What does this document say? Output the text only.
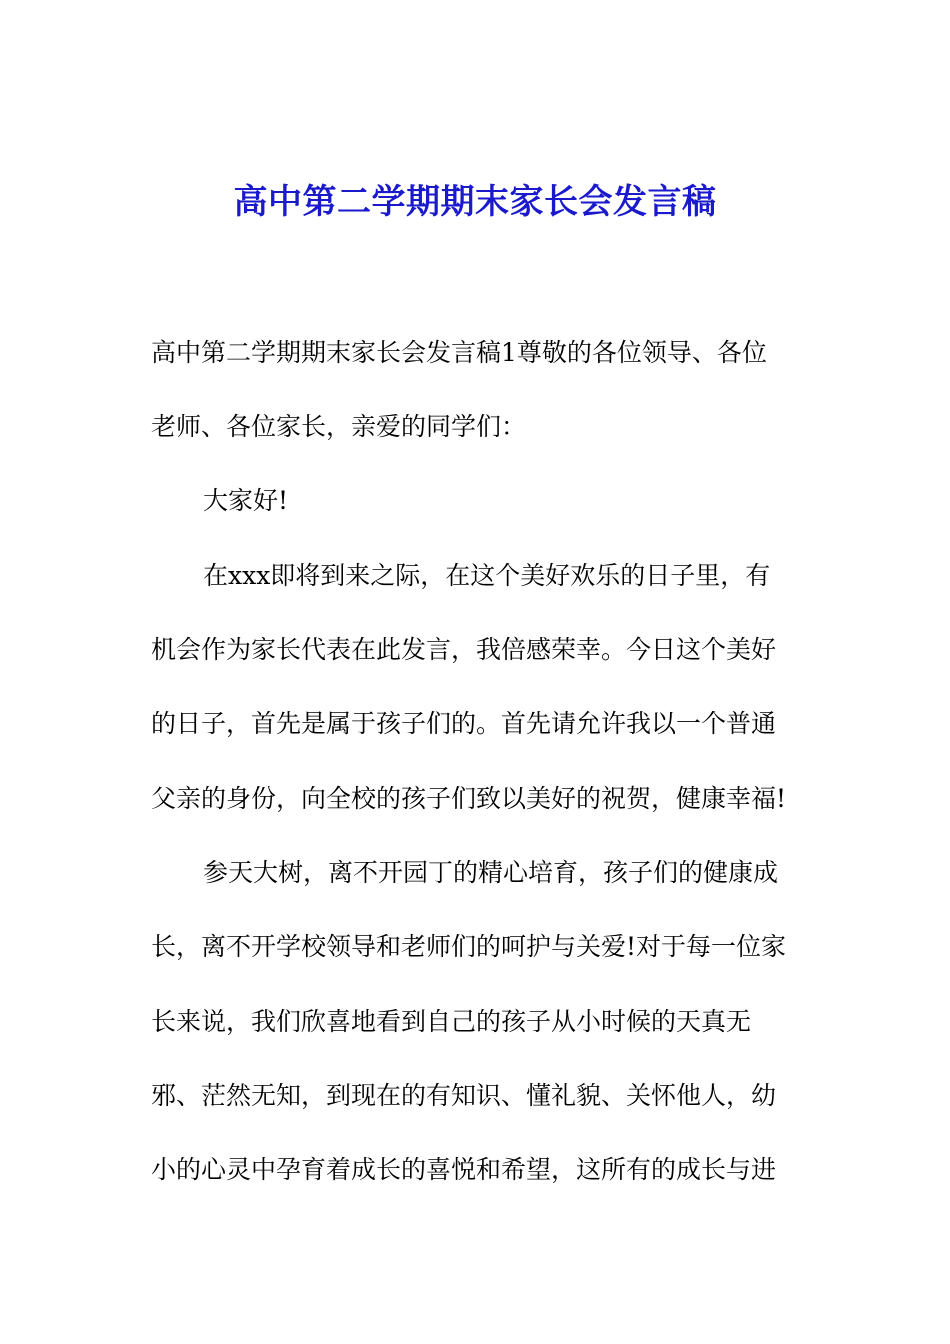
高中第二学期期末家长会发言稿
高中第二学期期末家长会发言稿1尊敬的各位领导、各位
老师、各位家长，亲爱的同学们：
大家好!
在xxx即将到来之际，在这个美好欢乐的日子里，有
机会作为家长代表在此发言，我倍感荣幸。今日这个美好
的日子，首先是属于孩子们的。首先请允许我以一个普通
父亲的身份，向全校的孩子们致以美好的祝贺，健康幸福!
参天大树，离不开园丁的精心培育，孩子们的健康成
长，离不开学校领导和老师们的呵护与关爱!对于每一位家
长来说，我们欣喜地看到自己的孩子从小时候的天真无
邪、茫然无知，到现在的有知识、懂礼貌、关怀他人，幼
小的心灵中孕育着成长的喜悦和希望，这所有的成长与进
